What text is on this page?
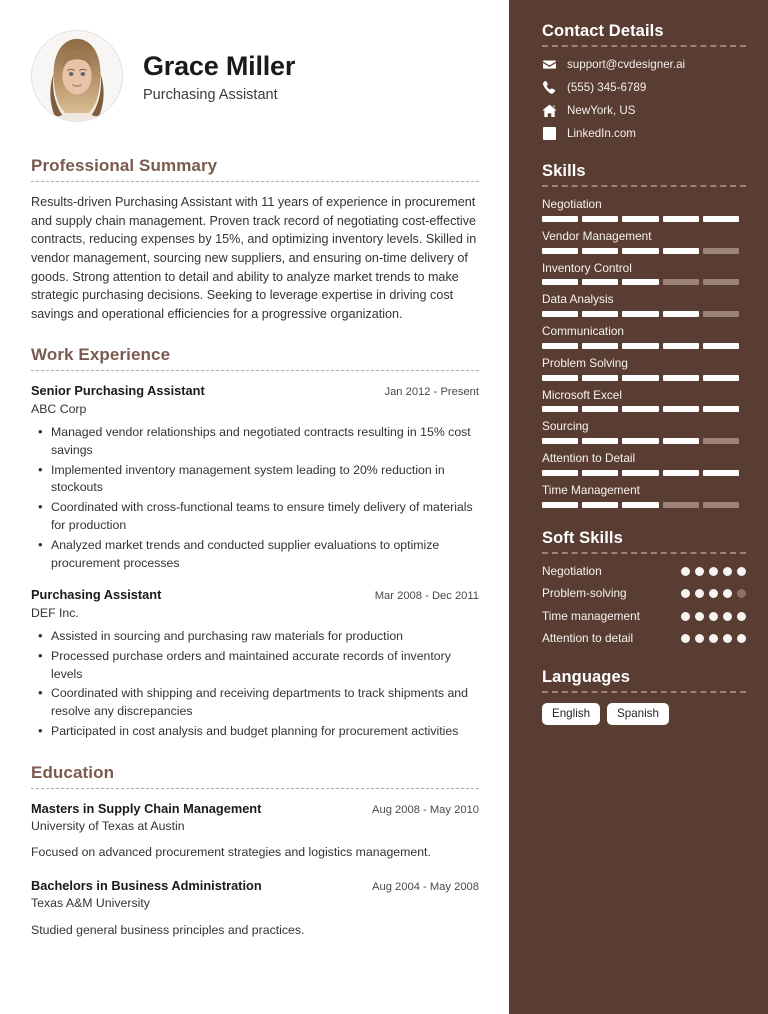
Grace Miller
Purchasing Assistant
Professional Summary

Results-driven Purchasing Assistant with 11 years of experience in procurement and supply chain management. Proven track record of negotiating cost-effective contracts, reducing expenses by 15%, and optimizing inventory levels. Skilled in vendor management, sourcing new suppliers, and ensuring on-time delivery of goods. Strong attention to detail and ability to analyze market trends to make strategic purchasing decisions. Seeking to leverage expertise in driving cost savings and operational efficiencies for a progressive organization.

Work Experience
Senior Purchasing Assistant	Jan 2012 - Present
ABC Corp
• Managed vendor relationships and negotiated contracts resulting in 15% cost savings
• Implemented inventory management system leading to 20% reduction in stockouts
• Coordinated with cross-functional teams to ensure timely delivery of materials for production
• Analyzed market trends and conducted supplier evaluations to optimize procurement processes
Purchasing Assistant	Mar 2008 - Dec 2011
DEF Inc.
• Assisted in sourcing and purchasing raw materials for production
• Processed purchase orders and maintained accurate records of inventory levels
• Coordinated with shipping and receiving departments to track shipments and resolve any discrepancies
• Participated in cost analysis and budget planning for procurement activities
Education
Masters in Supply Chain Management	Aug 2008 - May 2010
University of Texas at Austin
Focused on advanced procurement strategies and logistics management.
Bachelors in Business Administration	Aug 2004 - May 2008
Texas A&M University
Studied general business principles and practices.
Contact Details
support@cvdesigner.ai
(555) 345-6789
NewYork, US
LinkedIn.com
Skills
Negotiation
Vendor Management
Inventory Control
Data Analysis
Communication
Problem Solving
Microsoft Excel
Sourcing
Attention to Detail
Time Management
Soft Skills
Negotiation
Problem-solving
Time management
Attention to detail
Languages
English	Spanish
